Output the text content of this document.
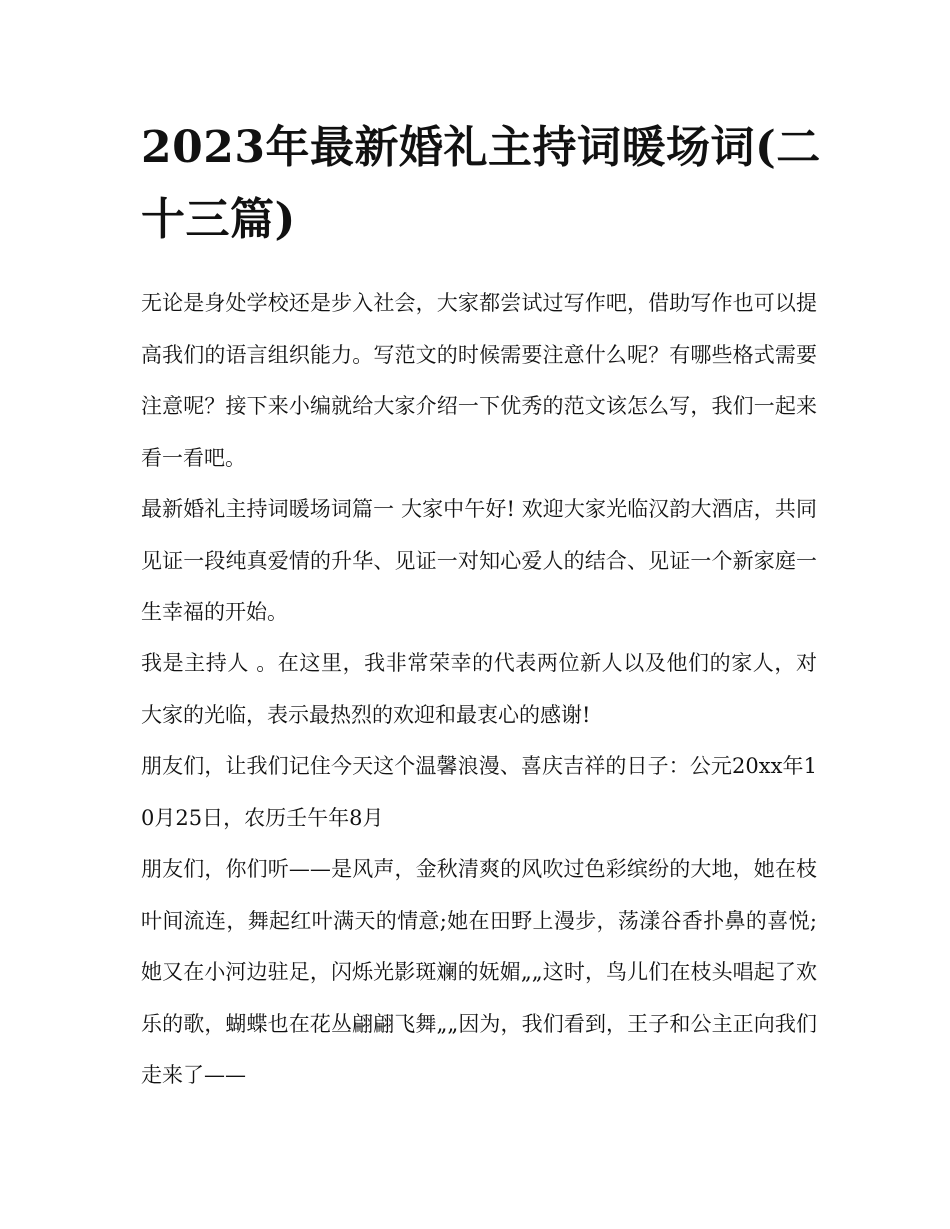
2023年最新婚礼主持词暖场词(二十三篇)

无论是身处学校还是步入社会，大家都尝试过写作吧，借助写作也可以提高我们的语言组织能力。写范文的时候需要注意什么呢？有哪些格式需要注意呢？接下来小编就给大家介绍一下优秀的范文该怎么写，我们一起来看一看吧。

最新婚礼主持词暖场词篇一 大家中午好! 欢迎大家光临汉韵大酒店，共同见证一段纯真爱情的升华、见证一对知心爱人的结合、见证一个新家庭一生幸福的开始。

我是主持人 。在这里，我非常荣幸的代表两位新人以及他们的家人，对大家的光临，表示最热烈的欢迎和最衷心的感谢!

朋友们，让我们记住今天这个温馨浪漫、喜庆吉祥的日子：公元20xx年10月25日，农历壬午年8月

朋友们，你们听——是风声，金秋清爽的风吹过色彩缤纷的大地，她在枝叶间流连，舞起红叶满天的情意;她在田野上漫步，荡漾谷香扑鼻的喜悦;她又在小河边驻足，闪烁光影斑斓的妩媚„„这时，鸟儿们在枝头唱起了欢乐的歌，蝴蝶也在花丛翩翩飞舞„„因为，我们看到，王子和公主正向我们走来了——
